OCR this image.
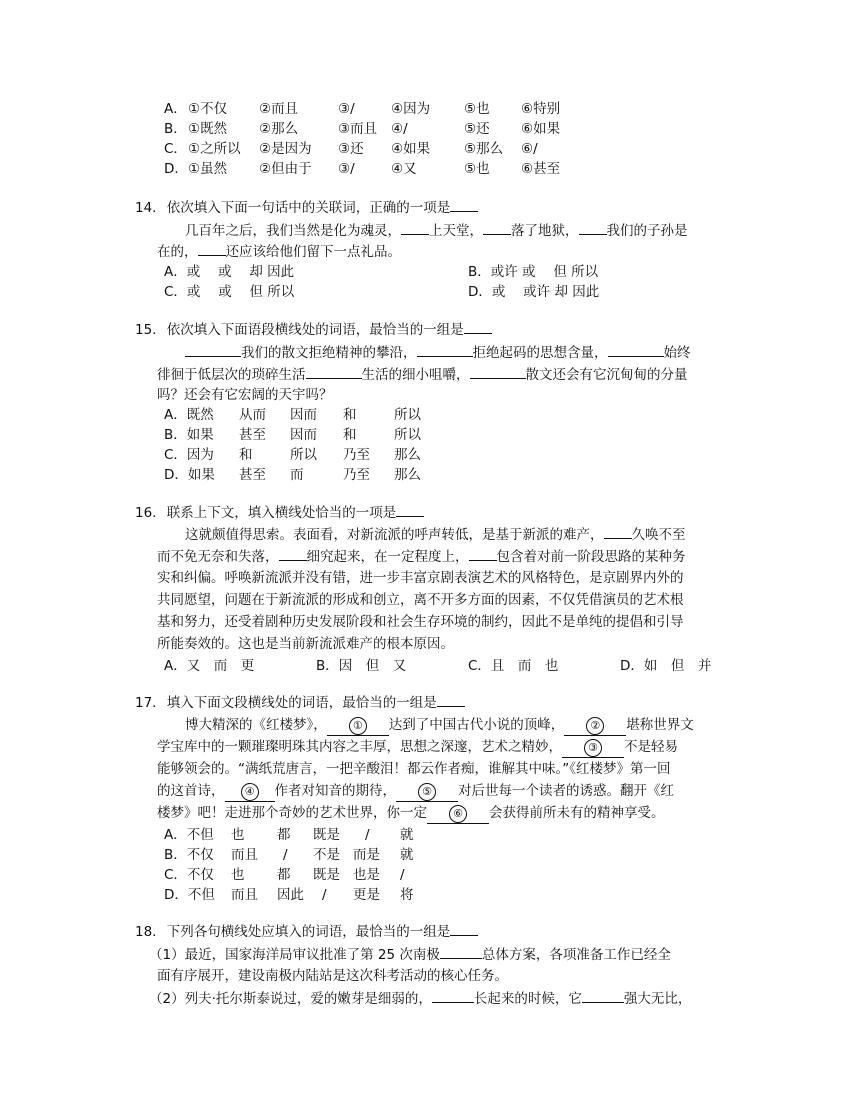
A． ①不仅 ②而且	③/	④因为	⑤也 ⑥特别
B． ①既然 ②那么	③而且 ④/	⑤还 ⑥如果
C． ①之所以 ②是因为 ③还 ④如果	⑤那么 ⑥/
D． ①虽然 ②但由于 ③/	④又	⑤也 ⑥甚至
14. 依次填入下面一句话中的关联词，正确的一项是
几百年之后，我们当然是化为魂灵， 上天堂， 落了地狱， 我们的子孙是
在的， 还应该给他们留下一点礼品。
A．或　 或　 却 因此	B．或许 或　 但 所以
C．或　 或　 但 所以	D．或　 或许 却 因此
15. 依次填入下面语段横线处的词语，最恰当的一组是
我们的散文拒绝精神的攀沿，	拒绝起码的思想含量，	始终
徘徊于低层次的琐碎生活	生活的细小咀嚼，	散文还会有它沉甸甸的分量
吗？还会有它宏阔的天宇吗？
A．既然 从而 因而 和	所以
B．如果 甚至 因而 和	所以
C．因为 和	所以 乃至 那么
D．如果 甚至 而	乃至 那么
16. 联系上下文，填入横线处恰当的一项是
这就颇值得思索。表面看，对新流派的呼声转低，是基于新派的难产， 久唤不至
而不免无奈和失落， 细究起来，在一定程度上， 包含着对前一阶段思路的某种务
实和纠偏。呼唤新流派并没有错，进一步丰富京剧表演艺术的风格特色，是京剧界内外的
共同愿望，问题在于新流派的形成和创立，离不开多方面的因素，不仅凭借演员的艺术根
基和努力，还受着剧种历史发展阶段和社会生存环境的制约，因此不是单纯的提倡和引导
所能奏效的。这也是当前新流派难产的根本原因。
A．又　而　更	B．因　但　又	C．且　而　也	D．如　但　并
17. 填入下面文段横线处的词语，最恰当的一组是
博大精深的《红楼梦》， ① 达到了中国古代小说的顶峰， ② 堪称世界文
学宝库中的一颗璀璨明珠其内容之丰厚，思想之深邃，艺术之精妙， ③ 不是轻易
能够领会的。“满纸荒唐言，一把辛酸泪！都云作者痴，谁解其中味。”《红楼梦》第一回
的这首诗， ④ 作者对知音的期待， ⑤ 对后世每一个读者的诱惑。翻开《红
楼梦》吧！走进那个奇妙的艺术世界，你一定 ⑥ 会获得前所未有的精神享受。
A．不但 也 都 既是 / 就
B．不仅 而且 / 不是 而是 就
C．不仅 也 都 既是 也是 /
D．不但 而且 因此 / 更是 将
18. 下列各句横线处应填入的词语，最恰当的一组是
（1）最近，国家海洋局审议批准了第 25 次南极	总体方案，各项准备工作已经全
面有序展开，建设南极内陆站是这次科考活动的核心任务。
（2）列夫·托尔斯泰说过，爱的嫩芽是细弱的，	长起来的时候，它	强大无比，
